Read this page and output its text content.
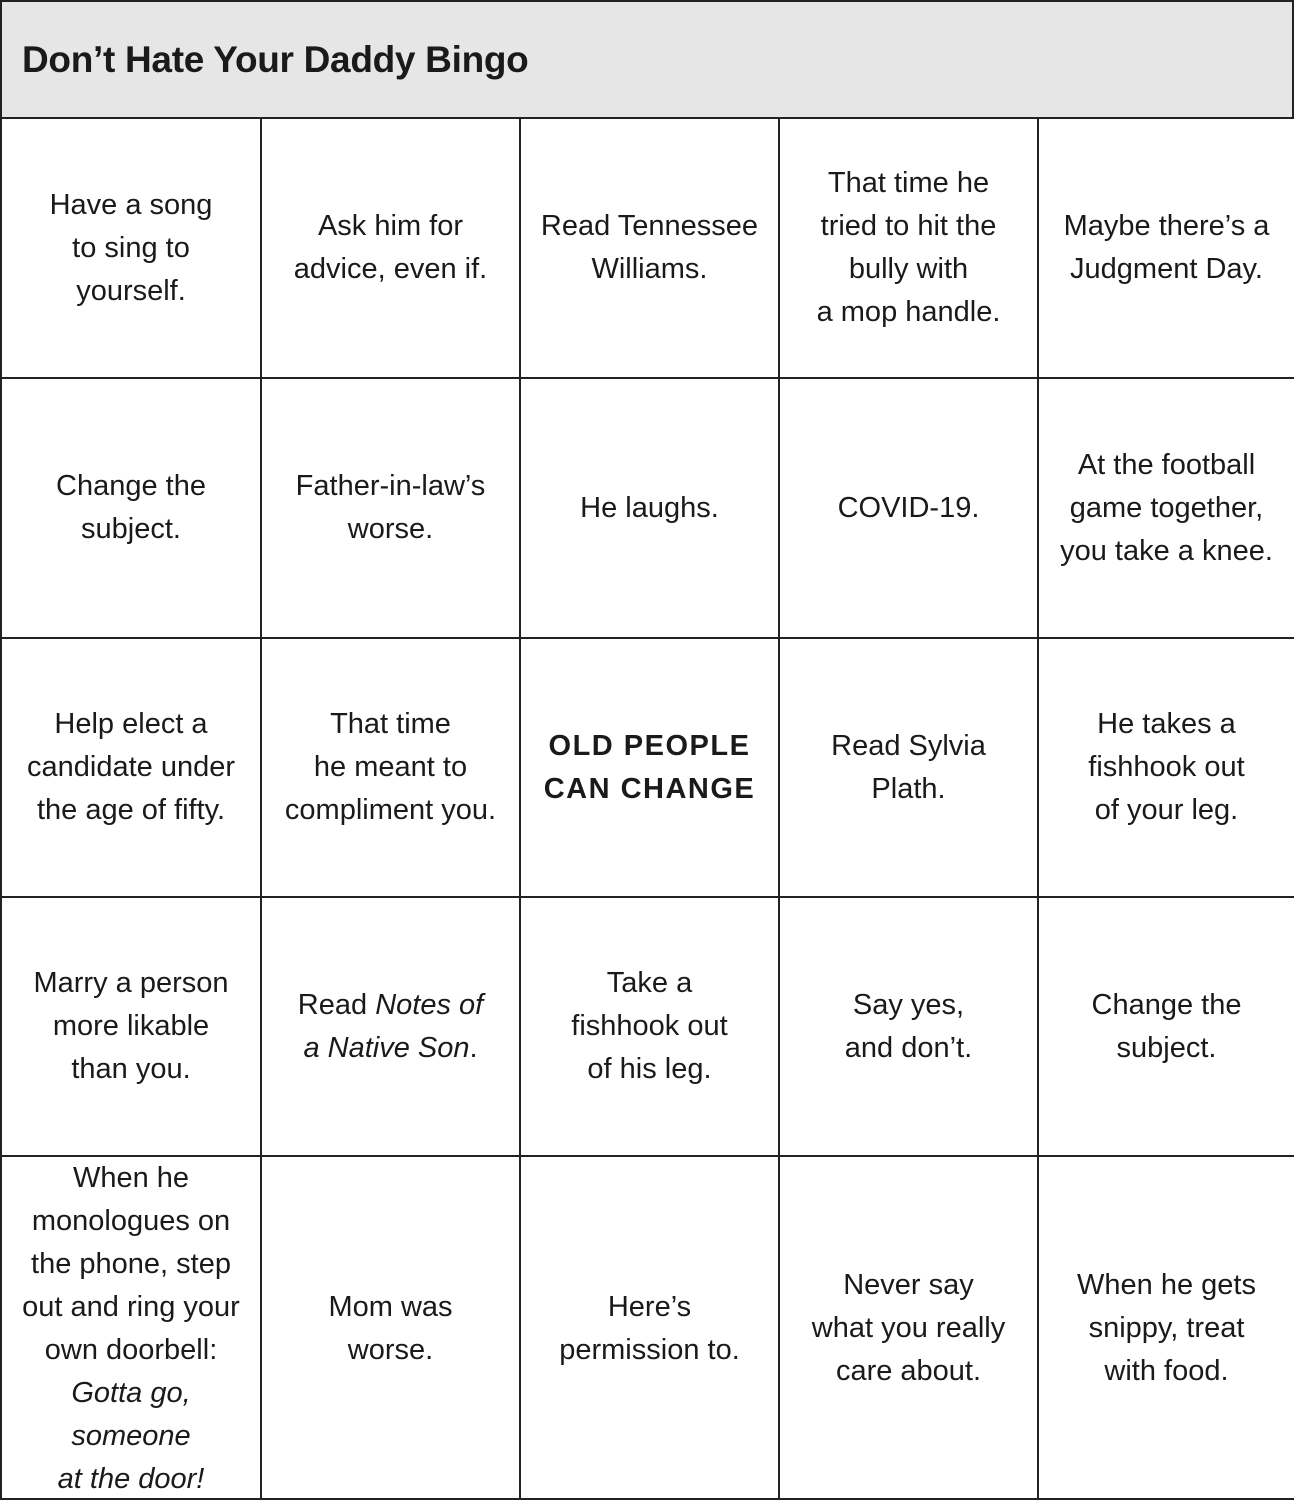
Don’t Hate Your Daddy Bingo
Have a song
to sing to
yourself.
Ask him for
advice, even if.
Read Tennessee
Williams.
That time he
tried to hit the
bully with
a mop handle.
Maybe there’s a
Judgment Day.
Change the
subject.
Father-in-law’s
worse.
He laughs.	COVID-19.
At the football
game together,
you take a knee.
Help elect a
candidate under
the age of fifty.
That time
he meant to
compliment you.
OLD PEOPLE
CAN CHANGE
Read Sylvia
Plath.
He takes a
fishhook out
of your leg.
Marry a person
more likable
than you.
Read Notes of
a Native Son.
Take a
fishhook out
of his leg.
Say yes,
and don’t.
Change the
subject.
When he
monologues on
the phone, step
out and ring your
own doorbell:
Gotta go, someone
at the door!
Mom was
worse.
Here’s
permission to.
Never say
what you really
care about.
When he gets
snippy, treat
with food.
